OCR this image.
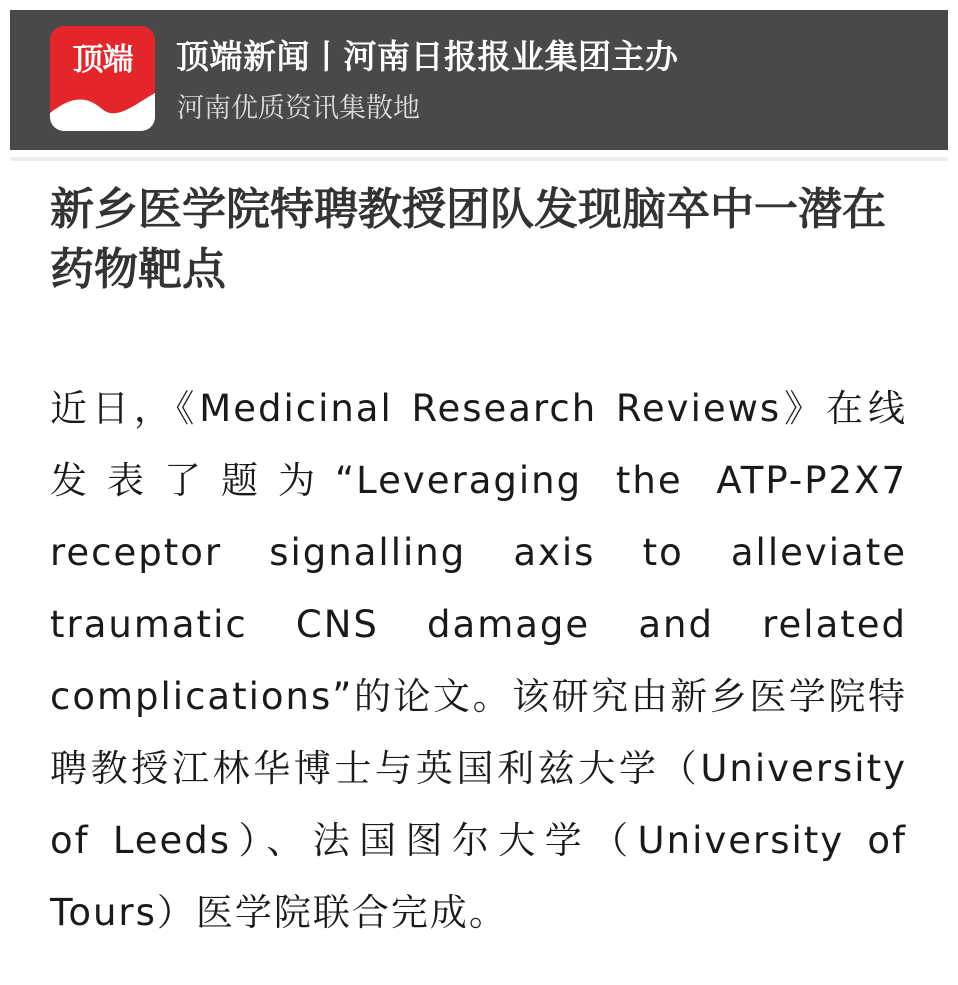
顶端	顶端新闻丨河南日报报业集团主办
河南优质资讯集散地
新乡医学院特聘教授团队发现脑卒中一潜在药物靶点

近日，《Medicinal Research Reviews》在线发表了题为“Leveraging the ATP-P2X7 receptor signalling axis to alleviate traumatic CNS damage and related complications”的论文。该研究由新乡医学院特聘教授江林华博士与英国利兹大学（University of Leeds）、法国图尔大学（University of Tours）医学院联合完成。
